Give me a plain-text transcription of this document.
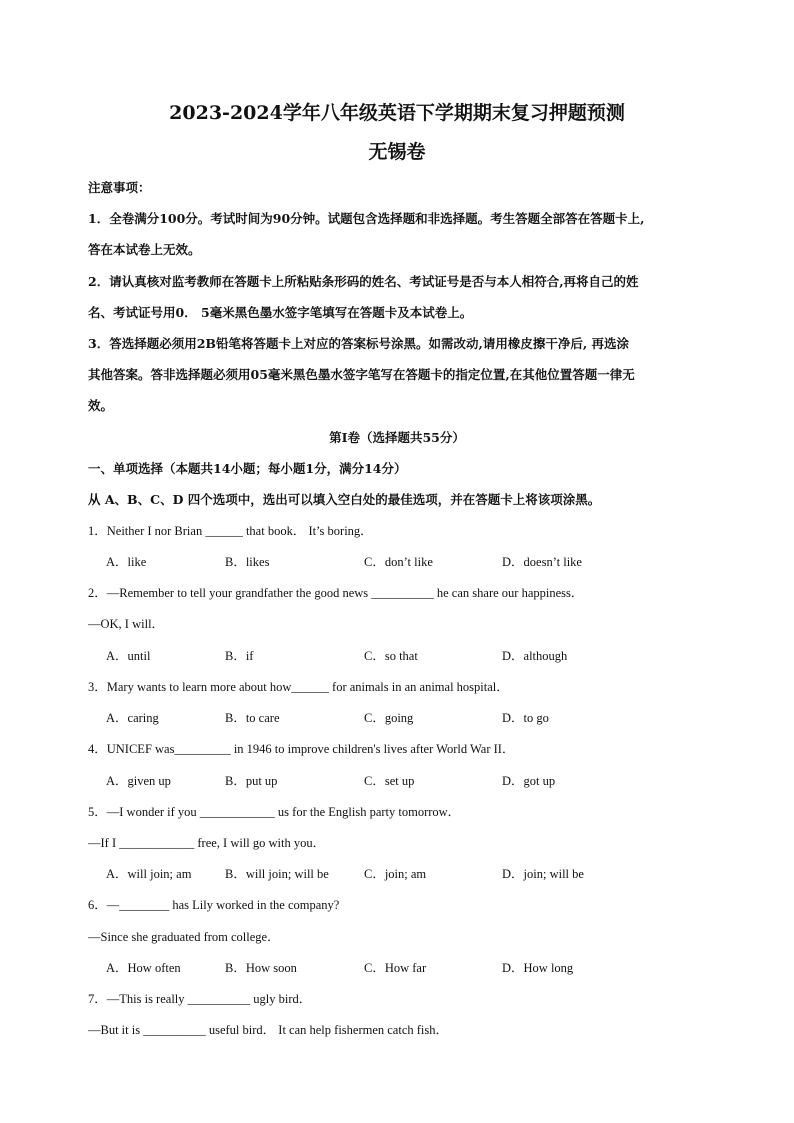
2023-2024学年八年级英语下学期期末复习押题预测
无锡卷
注意事项：
1．全卷满分100分。考试时间为90分钟。试题包含选择题和非选择题。考生答题全部答在答题卡上,
答在本试卷上无效。
2．请认真核对监考教师在答题卡上所粘贴条形码的姓名、考试证号是否与本人相符合,再将自己的姓
名、考试证号用0． 5毫米黑色墨水签字笔填写在答题卡及本试卷上。
3．答选择题必须用2B铅笔将答题卡上对应的答案标号涂黑。如需改动,请用橡皮擦干净后, 再选涂
其他答案。答非选择题必须用05毫米黑色墨水签字笔写在答题卡的指定位置,在其他位置答题一律无
效。
第I卷（选择题共55分）
一、单项选择（本题共14小题；每小题1分，满分14分）
从 A、B、C、D 四个选项中，选出可以填入空白处的最佳选项，并在答题卡上将该项涂黑。
1．Neither I nor Brian ______ that book． It’s boring．
A．like	B．likes	C．don’t like	D．doesn’t like
2．—Remember to tell your grandfather the good news __________ he can share our happiness．
—OK, I will．
A．until	B．if	C．so that	D．although
3．Mary wants to learn more about how______ for animals in an animal hospital．
A．caring	B．to care	C．going	D．to go
4．UNICEF was_________ in 1946 to improve children's lives after World War II．
A．given up	B．put up	C．set up	D．got up
5．—I wonder if you ____________ us for the English party tomorrow．
—If I ____________ free, I will go with you．
A．will join; am	B．will join; will be	C．join; am	D．join; will be
6．—________ has Lily worked in the company?
—Since she graduated from college．
A．How often	B．How soon	C．How far	D．How long
7．—This is really __________ ugly bird．
—But it is __________ useful bird． It can help fishermen catch fish．
